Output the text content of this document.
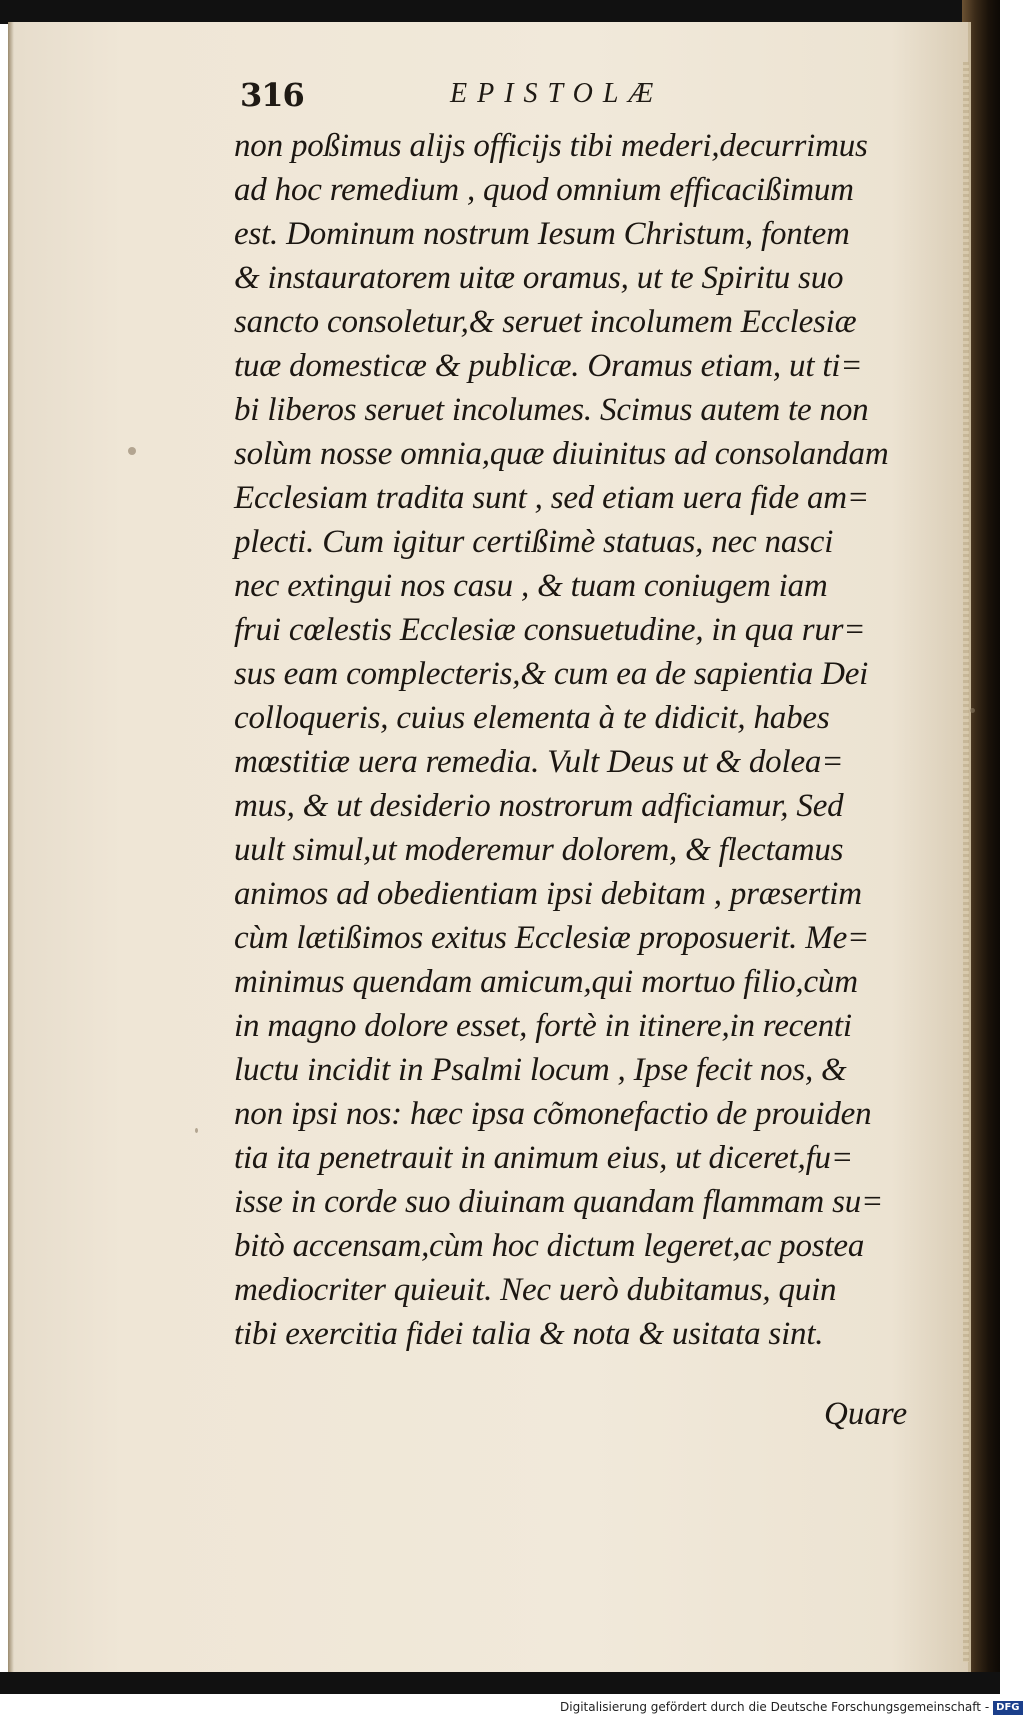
316	EPISTOLÆ
non poßimus alijs officijs tibi mederi,decurrimus
ad hoc remedium , quod omnium efficacißimum
est. Dominum nostrum Iesum Christum, fontem
& instauratorem uitæ oramus, ut te Spiritu suo
sancto consoletur,& seruet incolumem Ecclesiæ
tuæ domesticæ & publicæ. Oramus etiam, ut ti=
bi liberos seruet incolumes. Scimus autem te non
solùm nosse omnia,quæ diuinitus ad consolandam
Ecclesiam tradita sunt , sed etiam uera fide am=
plecti. Cum igitur certißimè statuas, nec nasci
nec extingui nos casu , & tuam coniugem iam
frui cœlestis Ecclesiæ consuetudine, in qua rur=
sus eam complecteris,& cum ea de sapientia Dei
colloqueris, cuius elementa à te didicit, habes
mœstitiæ uera remedia. Vult Deus ut & dolea=
mus, & ut desiderio nostrorum adficiamur, Sed
uult simul,ut moderemur dolorem, & flectamus
animos ad obedientiam ipsi debitam , præsertim
cùm lætißimos exitus Ecclesiæ proposuerit. Me=
minimus quendam amicum,qui mortuo filio,cùm
in magno dolore esset, fortè in itinere,in recenti
luctu incidit in Psalmi locum , Ipse fecit nos, &
non ipsi nos: hæc ipsa cõmonefactio de prouiden
tia ita penetrauit in animum eius, ut diceret,fu=
isse in corde suo diuinam quandam flammam su=
bitò accensam,cùm hoc dictum legeret,ac postea
mediocriter quieuit. Nec uerò dubitamus, quin
tibi exercitia fidei talia & nota & usitata sint.
Quare
Digitalisierung gefördert durch die Deutsche Forschungsgemeinschaft - DFG
